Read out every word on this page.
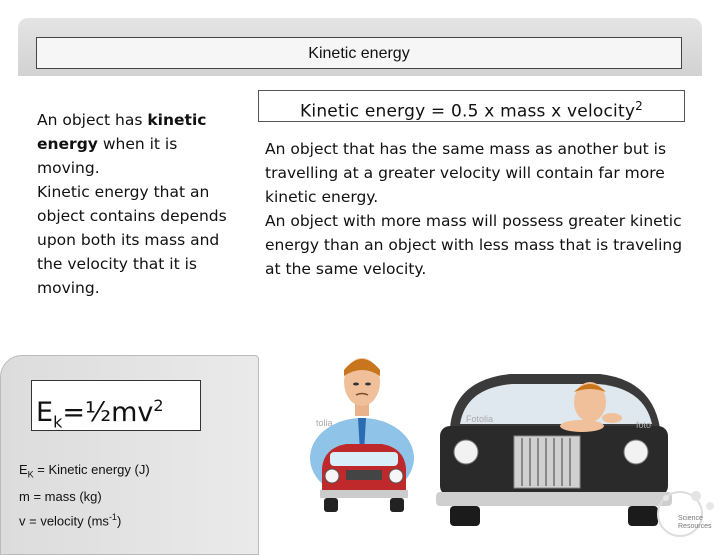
Kinetic energy

An object has kinetic energy when it is moving.

Kinetic energy that an object contains depends upon both its mass and the velocity that it is moving.

Kinetic energy = 0.5 x mass x velocity$^2$

An object that has the same mass as another but is travelling at a greater velocity will contain far more kinetic energy.

An object with more mass will possess greater kinetic energy than an object with less mass that is traveling at the same velocity.

$E_k=\frac{1}{2}mv^2$

$E_K$ = Kinetic energy (J)

m = mass (kg)

v = velocity $(ms^{-1})$

tolia	Fotolia
foto
Science Resources
